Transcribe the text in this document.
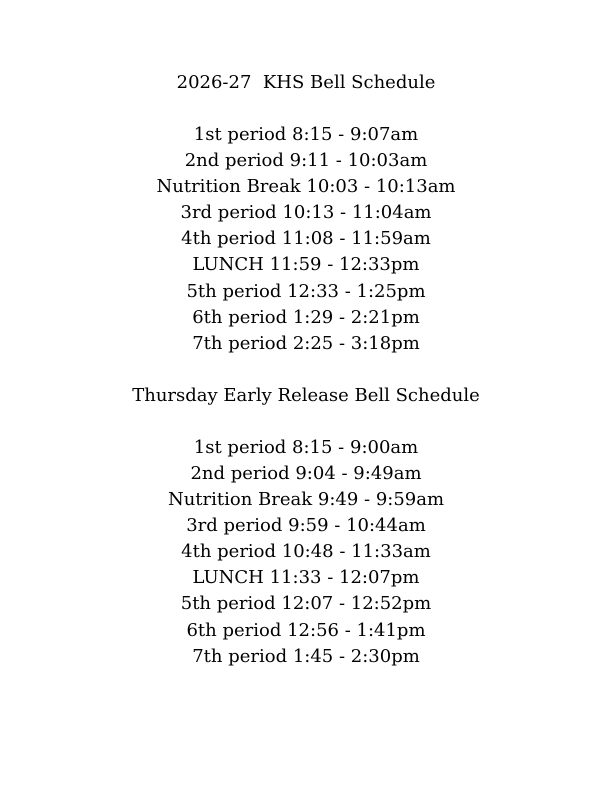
2026-27  KHS Bell Schedule
1st period 8:15 - 9:07am
2nd period 9:11 - 10:03am
Nutrition Break 10:03 - 10:13am
3rd period 10:13 - 11:04am
4th period 11:08 - 11:59am
LUNCH 11:59 - 12:33pm
5th period 12:33 - 1:25pm
6th period 1:29 - 2:21pm
7th period 2:25 - 3:18pm
Thursday Early Release Bell Schedule
1st period 8:15 - 9:00am
2nd period 9:04 - 9:49am
Nutrition Break 9:49 - 9:59am
3rd period 9:59 - 10:44am
4th period 10:48 - 11:33am
LUNCH 11:33 - 12:07pm
5th period 12:07 - 12:52pm
6th period 12:56 - 1:41pm
7th period 1:45 - 2:30pm
